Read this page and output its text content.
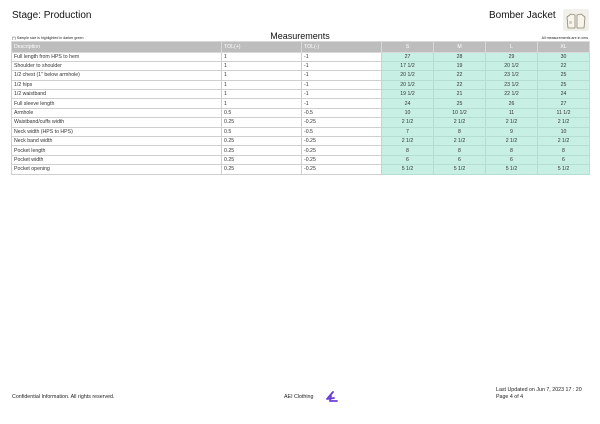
Stage: Production	Bomber Jacket
Measurements
(*) Sample size is highlighted in darker green	All measurements are in cms
Description	TOL(+)	TOL(-)	S	M	L	XL
Full length from HPS to hem	1	-1	27	28	29	30
Shoulder to shoulder	1	-1	17 1/2	19	20 1/2	22
1/2 chest (1" below armhole)	1	-1	20 1/2	22	23 1/2	25
1/2 hips	1	-1	20 1/2	22	23 1/2	25
1/2 waistband	1	-1	19 1/2	21	22 1/2	24
Full sleeve length	1	-1	24	25	26	27
Armhole	0.5	-0.5	10	10 1/2	11	11 1/2
Waistband/cuffs width	0.25	-0.25	2 1/2	2 1/2	2 1/2	2 1/2
Neck width (HPS to HPS)	0.5	-0.5	7	8	9	10
Neck band width	0.25	-0.25	2 1/2	2 1/2	2 1/2	2 1/2
Pocket length	0.25	-0.25	8	8	8	8
Pocket width	0.25	-0.25	6	6	6	6
Pocket opening	0.25	-0.25	5 1/2	5 1/2	5 1/2	5 1/2
Confidential Information. All rights reserved.	AEI Clothing
Last Updated on Jun 7, 2023 17 : 20
Page 4 of 4
